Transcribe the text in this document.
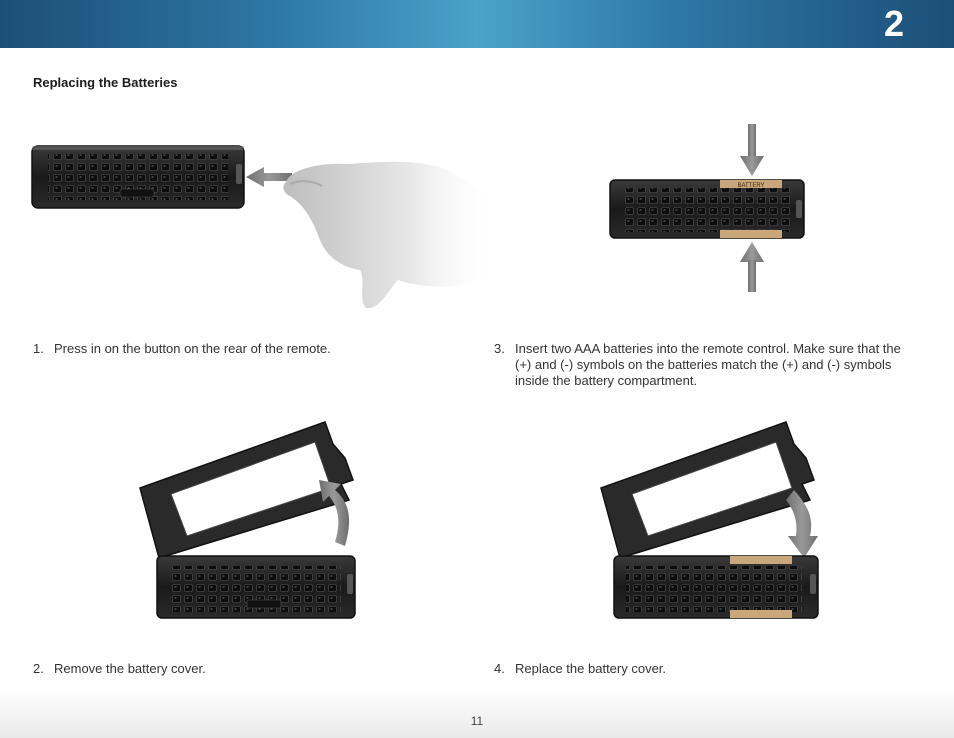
2
Replacing the Batteries
BATTERY
1. Press in on the button on the rear of the remote.	3. Insert two AAA batteries into the remote control. Make sure that the (+) and (-) symbols on the batteries match the (+) and (-) symbols inside the battery compartment.
2. Remove the battery cover.	4. Replace the battery cover.
11
